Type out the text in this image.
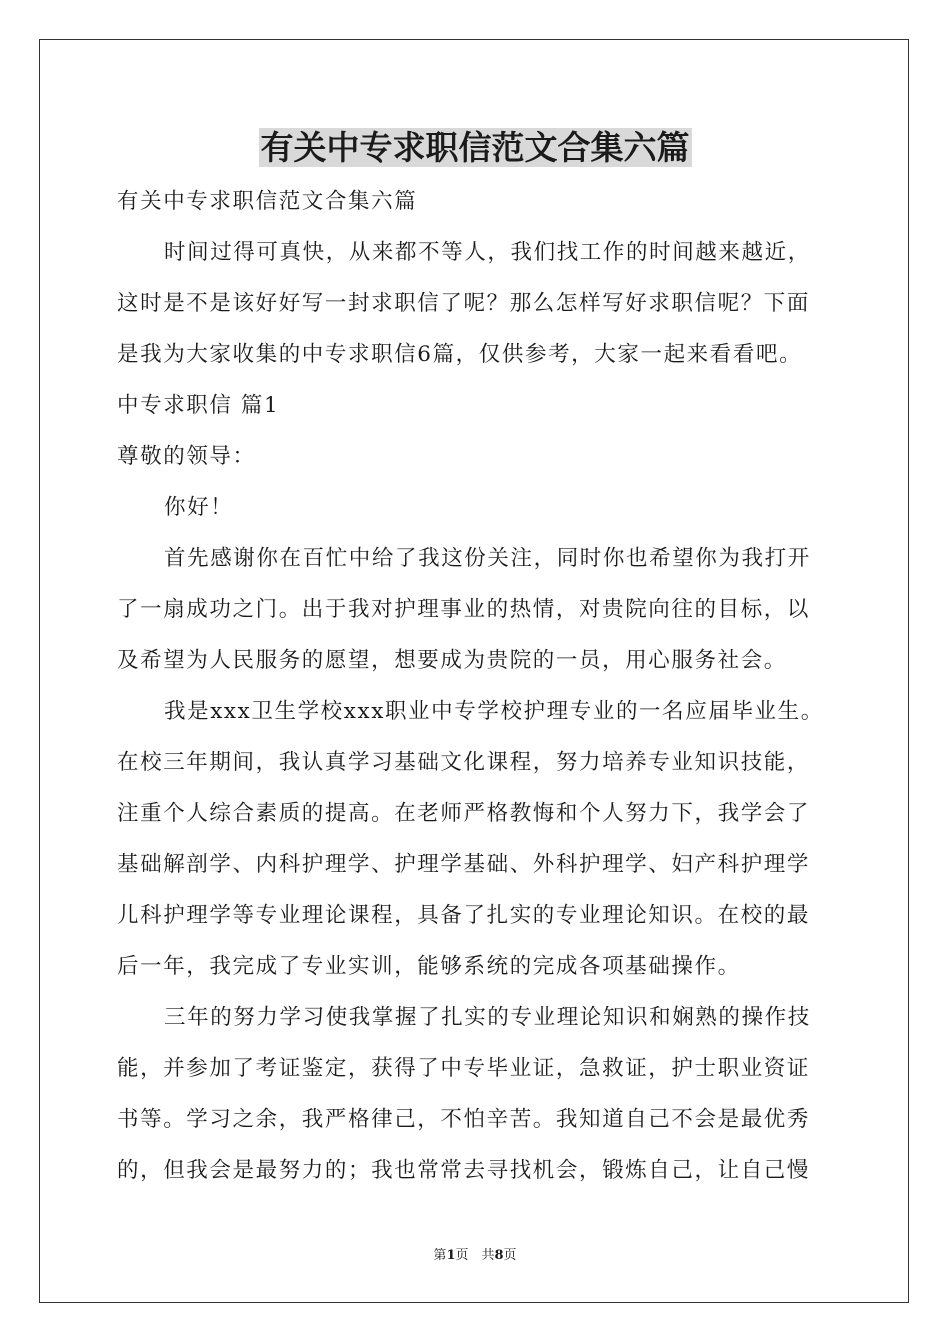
有关中专求职信范文合集六篇
有关中专求职信范文合集六篇
时间过得可真快，从来都不等人，我们找工作的时间越来越近，
这时是不是该好好写一封求职信了呢？那么怎样写好求职信呢？下面
是我为大家收集的中专求职信6篇，仅供参考，大家一起来看看吧。
中专求职信 篇1
尊敬的领导：
你好！
首先感谢你在百忙中给了我这份关注，同时你也希望你为我打开
了一扇成功之门。出于我对护理事业的热情，对贵院向往的目标，以
及希望为人民服务的愿望，想要成为贵院的一员，用心服务社会。
我是xxx卫生学校xxx职业中专学校护理专业的一名应届毕业生。
在校三年期间，我认真学习基础文化课程，努力培养专业知识技能，
注重个人综合素质的提高。在老师严格教悔和个人努力下，我学会了
基础解剖学、内科护理学、护理学基础、外科护理学、妇产科护理学
儿科护理学等专业理论课程，具备了扎实的专业理论知识。在校的最
后一年，我完成了专业实训，能够系统的完成各项基础操作。
三年的努力学习使我掌握了扎实的专业理论知识和娴熟的操作技
能，并参加了考证鉴定，获得了中专毕业证，急救证，护士职业资证
书等。学习之余，我严格律己，不怕辛苦。我知道自己不会是最优秀
的，但我会是最努力的；我也常常去寻找机会，锻炼自己，让自己慢
第1页　共8页
